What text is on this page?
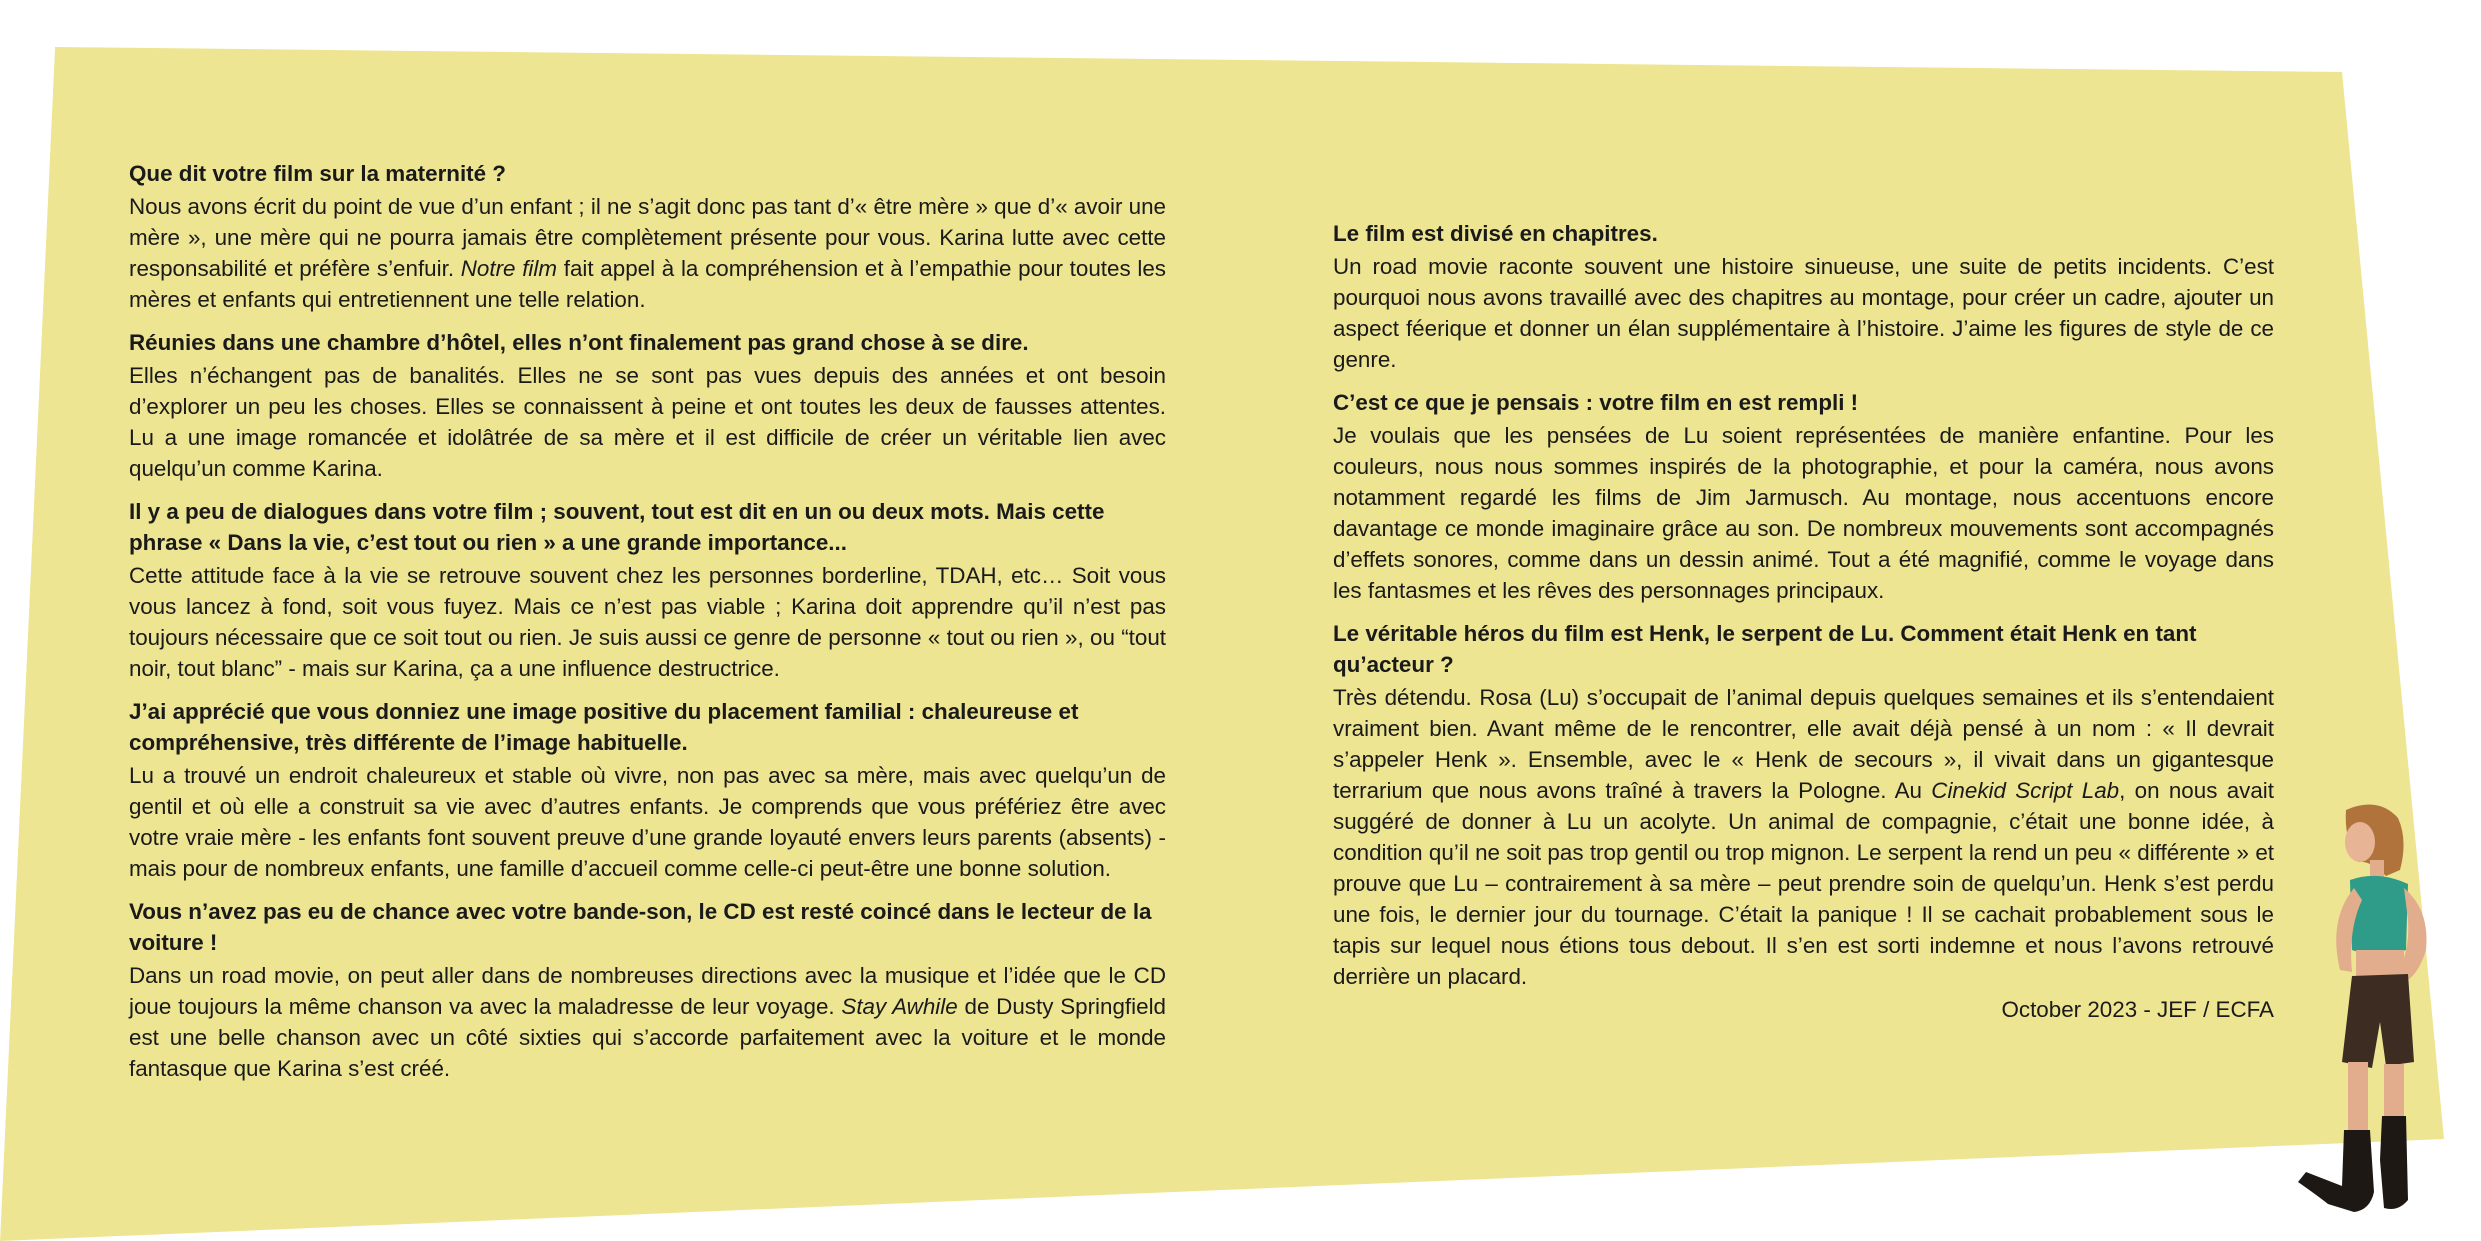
Que dit votre film sur la maternité ?

Nous avons écrit du point de vue d’un enfant ; il ne s’agit donc pas tant d’« être mère » que d’« avoir une mère », une mère qui ne pourra jamais être complètement présente pour vous. Karina lutte avec cette responsabilité et préfère s’enfuir. Notre film fait appel à la compréhension et à l’empathie pour toutes les mères et enfants qui entretiennent une telle relation.

Réunies dans une chambre d’hôtel, elles n’ont finalement pas grand chose à se dire.

Elles n’échangent pas de banalités. Elles ne se sont pas vues depuis des années et ont besoin d’explorer un peu les choses. Elles se connaissent à peine et ont toutes les deux de fausses attentes. Lu a une image romancée et idolâtrée de sa mère et il est difficile de créer un véritable lien avec quelqu’un comme Karina.

Il y a peu de dialogues dans votre film ; souvent, tout est dit en un ou deux mots. Mais cette phrase « Dans la vie, c’est tout ou rien » a une grande importance...

Cette attitude face à la vie se retrouve souvent chez les personnes borderline, TDAH, etc… Soit vous vous lancez à fond, soit vous fuyez. Mais ce n’est pas viable ; Karina doit apprendre qu’il n’est pas toujours nécessaire que ce soit tout ou rien. Je suis aussi ce genre de personne « tout ou rien », ou “tout noir, tout blanc” - mais sur Karina, ça a une influence destructrice.

J’ai apprécié que vous donniez une image positive du placement familial : chaleureuse et compréhensive, très différente de l’image habituelle.

Lu a trouvé un endroit chaleureux et stable où vivre, non pas avec sa mère, mais avec quelqu’un de gentil et où elle a construit sa vie avec d’autres enfants. Je comprends que vous préfériez être avec votre vraie mère - les enfants font souvent preuve d’une grande loyauté envers leurs parents (absents) - mais pour de nombreux enfants, une famille d’accueil comme celle-ci peut-être une bonne solution.

Vous n’avez pas eu de chance avec votre bande-son, le CD est resté coincé dans le lecteur de la voiture !

Dans un road movie, on peut aller dans de nombreuses directions avec la musique et l’idée que le CD joue toujours la même chanson va avec la maladresse de leur voyage. Stay Awhile de Dusty Springfield est une belle chanson avec un côté sixties qui s’accorde parfaitement avec la voiture et le monde fantasque que Karina s’est créé.

Le film est divisé en chapitres.

Un road movie raconte souvent une histoire sinueuse, une suite de petits incidents. C’est pourquoi nous avons travaillé avec des chapitres au montage, pour créer un cadre, ajouter un aspect féerique et donner un élan supplémentaire à l’histoire. J’aime les figures de style de ce genre.

C’est ce que je pensais : votre film en est rempli !

Je voulais que les pensées de Lu soient représentées de manière enfantine. Pour les couleurs, nous nous sommes inspirés de la photographie, et pour la caméra, nous avons notamment regardé les films de Jim Jarmusch. Au montage, nous accentuons encore davantage ce monde imaginaire grâce au son. De nombreux mouvements sont accompagnés d’effets sonores, comme dans un dessin animé. Tout a été magnifié, comme le voyage dans les fantasmes et les rêves des personnages principaux.

Le véritable héros du film est Henk, le serpent de Lu. Comment était Henk en tant qu’acteur ?

Très détendu. Rosa (Lu) s’occupait de l’animal depuis quelques semaines et ils s’entendaient vraiment bien. Avant même de le rencontrer, elle avait déjà pensé à un nom : « Il devrait s’appeler Henk ». Ensemble, avec le « Henk de secours », il vivait dans un gigantesque terrarium que nous avons traîné à travers la Pologne. Au Cinekid Script Lab, on nous avait suggéré de donner à Lu un acolyte. Un animal de compagnie, c’était une bonne idée, à condition qu’il ne soit pas trop gentil ou trop mignon. Le serpent la rend un peu « différente » et prouve que Lu – contrairement à sa mère – peut prendre soin de quelqu’un. Henk s’est perdu une fois, le dernier jour du tournage. C’était la panique ! Il se cachait probablement sous le tapis sur lequel nous étions tous debout. Il s’en est sorti indemne et nous l’avons retrouvé derrière un placard.

October 2023 - JEF / ECFA
